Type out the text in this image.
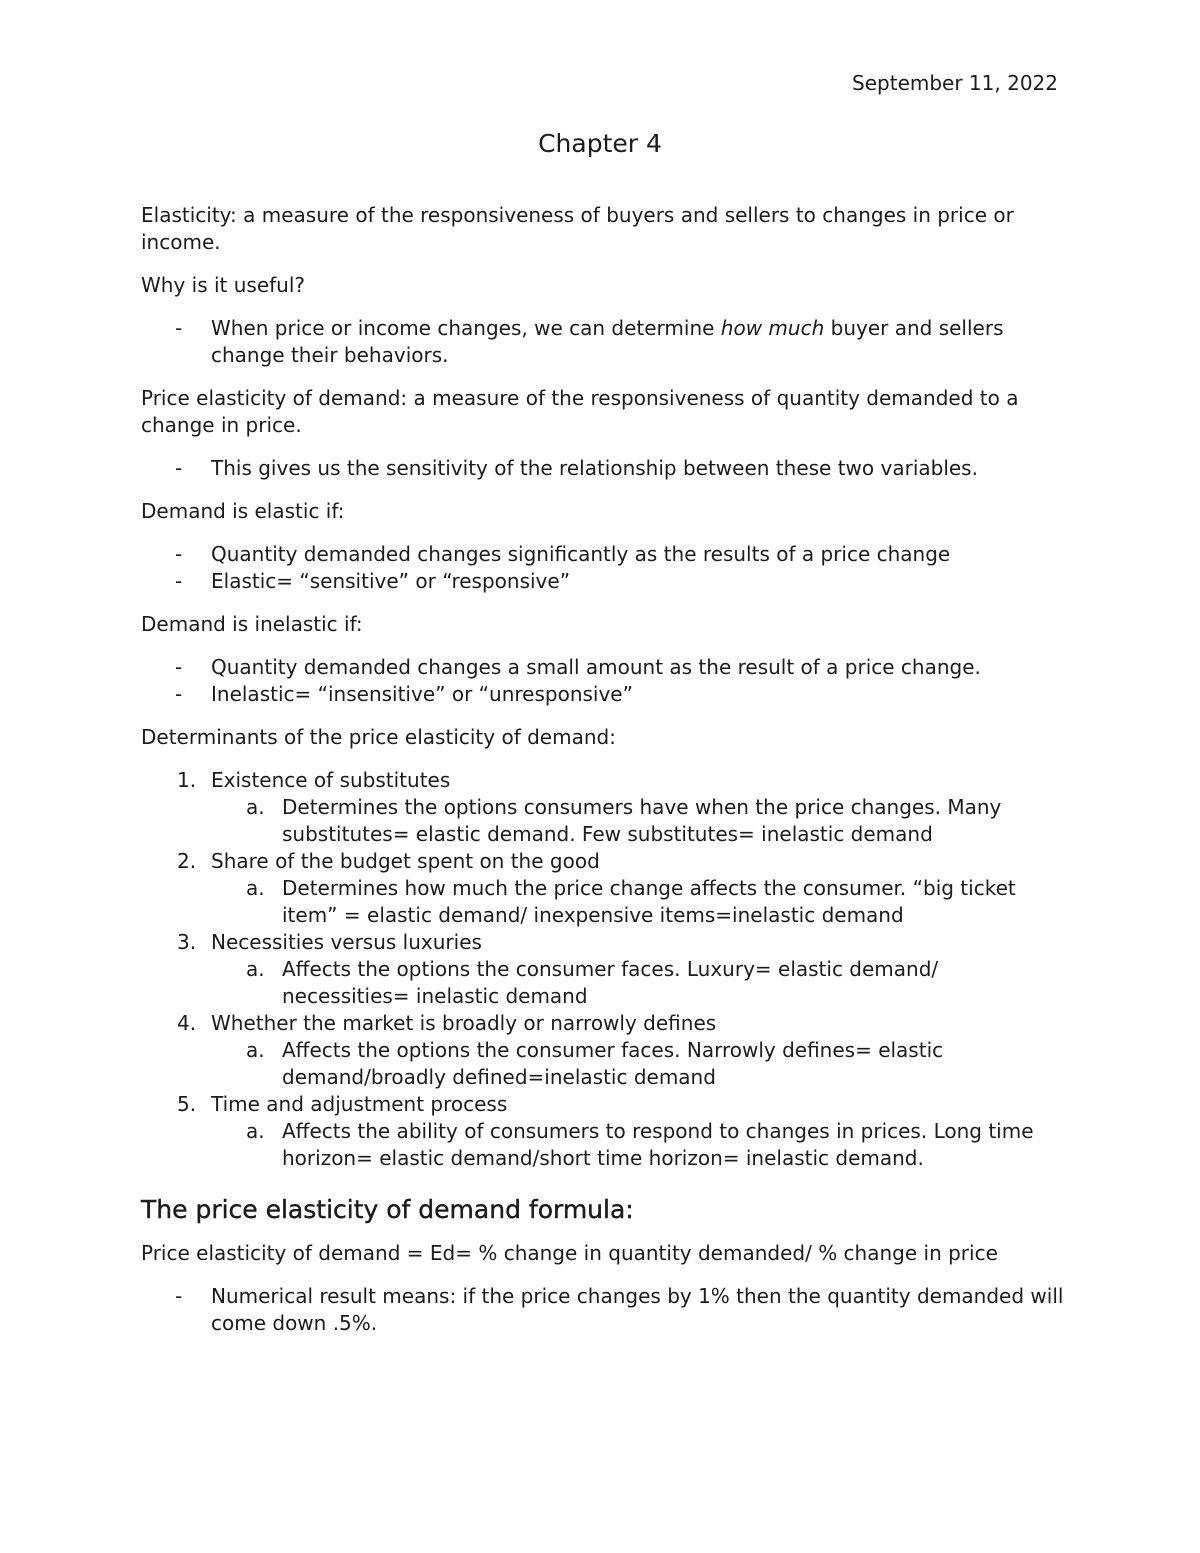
September 11, 2022
Chapter 4

Elasticity: a measure of the responsiveness of buyers and sellers to changes in price or income.

Why is it useful?

- When price or income changes, we can determine how much buyer and sellers change their behaviors.

Price elasticity of demand: a measure of the responsiveness of quantity demanded to a change in price.

- This gives us the sensitivity of the relationship between these two variables.

Demand is elastic if:

- Quantity demanded changes significantly as the results of a price change
- Elastic= “sensitive” or “responsive”

Demand is inelastic if:

- Quantity demanded changes a small amount as the result of a price change.
- Inelastic= “insensitive” or “unresponsive”

Determinants of the price elasticity of demand:

1. Existence of substitutes
a. Determines the options consumers have when the price changes. Many substitutes= elastic demand. Few substitutes= inelastic demand
2. Share of the budget spent on the good
a. Determines how much the price change affects the consumer. “big ticket item” = elastic demand/ inexpensive items=inelastic demand
3. Necessities versus luxuries
a. Affects the options the consumer faces. Luxury= elastic demand/ necessities= inelastic demand
4. Whether the market is broadly or narrowly defines
a. Affects the options the consumer faces. Narrowly defines= elastic demand/broadly defined=inelastic demand
5. Time and adjustment process
a. Affects the ability of consumers to respond to changes in prices. Long time horizon= elastic demand/short time horizon= inelastic demand.
The price elasticity of demand formula:

Price elasticity of demand = Ed= % change in quantity demanded/ % change in price

- Numerical result means: if the price changes by 1% then the quantity demanded will come down .5%.
